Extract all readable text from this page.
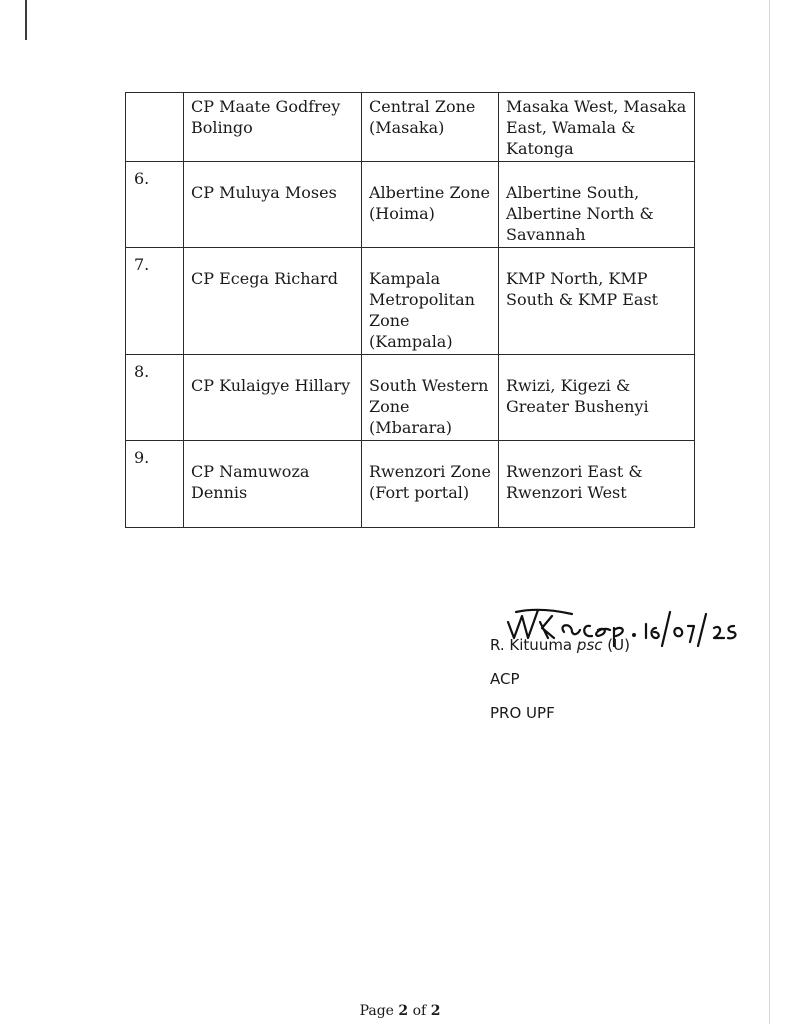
	CP Maate Godfrey Bolingo	Central Zone (Masaka)	Masaka West, Masaka East, Wamala & Katonga

6.	CP Muluya Moses	Albertine Zone (Hoima)	Albertine South, Albertine North & Savannah

7.	CP Ecega Richard	Kampala Metropolitan Zone (Kampala)	KMP North, KMP South & KMP East

8.	CP Kulaigye Hillary	South Western Zone (Mbarara)	Rwizi, Kigezi & Greater Bushenyi

9.	CP Namuwoza Dennis	Rwenzori Zone (Fort portal)	Rwenzori East & Rwenzori West
R. Kituuma psc (U)
ACP
PRO UPF
Page 2 of 2
